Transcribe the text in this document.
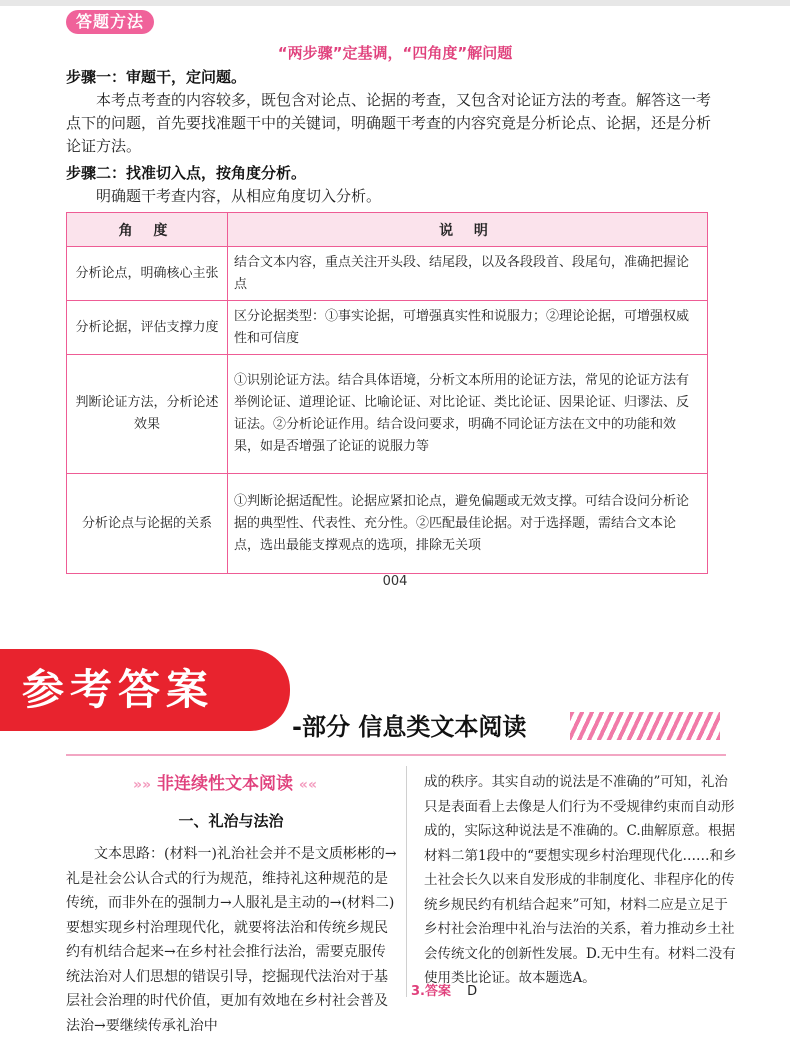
答题方法
“两步骤”定基调，“四角度”解问题
步骤一：审题干，定问题。

本考点考查的内容较多，既包含对论点、论据的考查，又包含对论证方法的考查。解答这一考点下的问题，首先要找准题干中的关键词，明确题干考查的内容究竟是分析论点、论据，还是分析论证方法。

步骤二：找准切入点，按角度分析。

明确题干考查内容，从相应角度切入分析。

角 度	说 明
分析论点，明确核心主张	结合文本内容，重点关注开头段、结尾段，以及各段段首、段尾句，准确把握论点
分析论据，评估支撑力度	区分论据类型：①事实论据，可增强真实性和说服力；②理论论据，可增强权威性和可信度
判断论证方法，分析论述效果	①识别论证方法。结合具体语境，分析文本所用的论证方法，常见的论证方法有举例论证、道理论证、比喻论证、对比论证、类比论证、因果论证、归谬法、反证法。②分析论证作用。结合设问要求，明确不同论证方法在文中的功能和效果，如是否增强了论证的说服力等
分析论点与论据的关系	①判断论据适配性。论据应紧扣论点，避免偏题或无效支撑。可结合设问分析论据的典型性、代表性、充分性。②匹配最佳论据。对于选择题，需结合文本论点，选出最能支撑观点的选项，排除无关项
004
参考答案
-部分 信息类文本阅读
»» 非连续性文本阅读 ««
一、礼治与法治

文本思路：(材料一)礼治社会并不是文质彬彬的→礼是社会公认合式的行为规范，维持礼这种规范的是传统，而非外在的强制力→人服礼是主动的→(材料二)要想实现乡村治理现代化，就要将法治和传统乡规民约有机结合起来→在乡村社会推行法治，需要克服传统法治对人们思想的错误引导，挖掘现代法治对于基层社会治理的时代价值，更加有效地在乡村社会普及法治→要继续传承礼治中

成的秩序。其实自动的说法是不准确的”可知，礼治只是表面看上去像是人们行为不受规律约束而自动形成的，实际这种说法是不准确的。C.曲解原意。根据材料二第1段中的“要想实现乡村治理现代化……和乡土社会长久以来自发形成的非制度化、非程序化的传统乡规民约有机结合起来”可知，材料二应是立足于乡村社会治理中礼治与法治的关系，着力推动乡土社会传统文化的创新性发展。D.无中生有。材料二没有使用类比论证。故本题选A。

3.答案 D
